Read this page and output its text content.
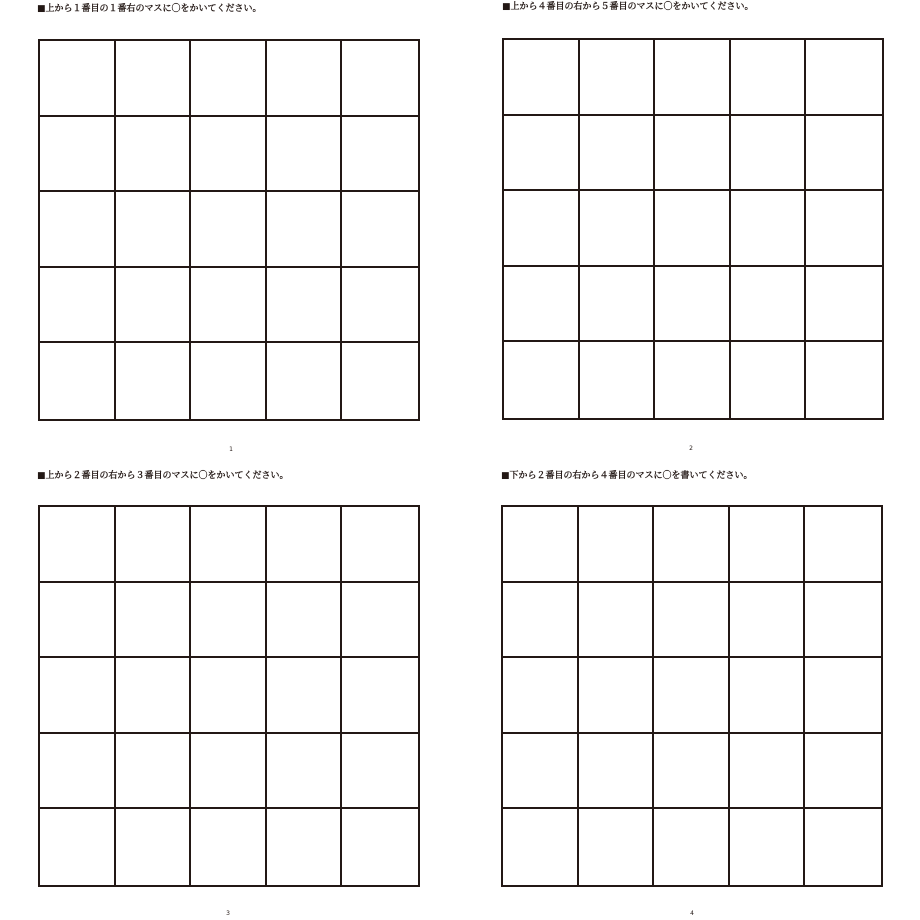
■上から１番目の１番右のマスに〇をかいてください。
1
■上から４番目の右から５番目のマスに〇をかいてください。
2
■上から２番目の右から３番目のマスに〇をかいてください。
3
■下から２番目の右から４番目のマスに〇を書いてください。
4
